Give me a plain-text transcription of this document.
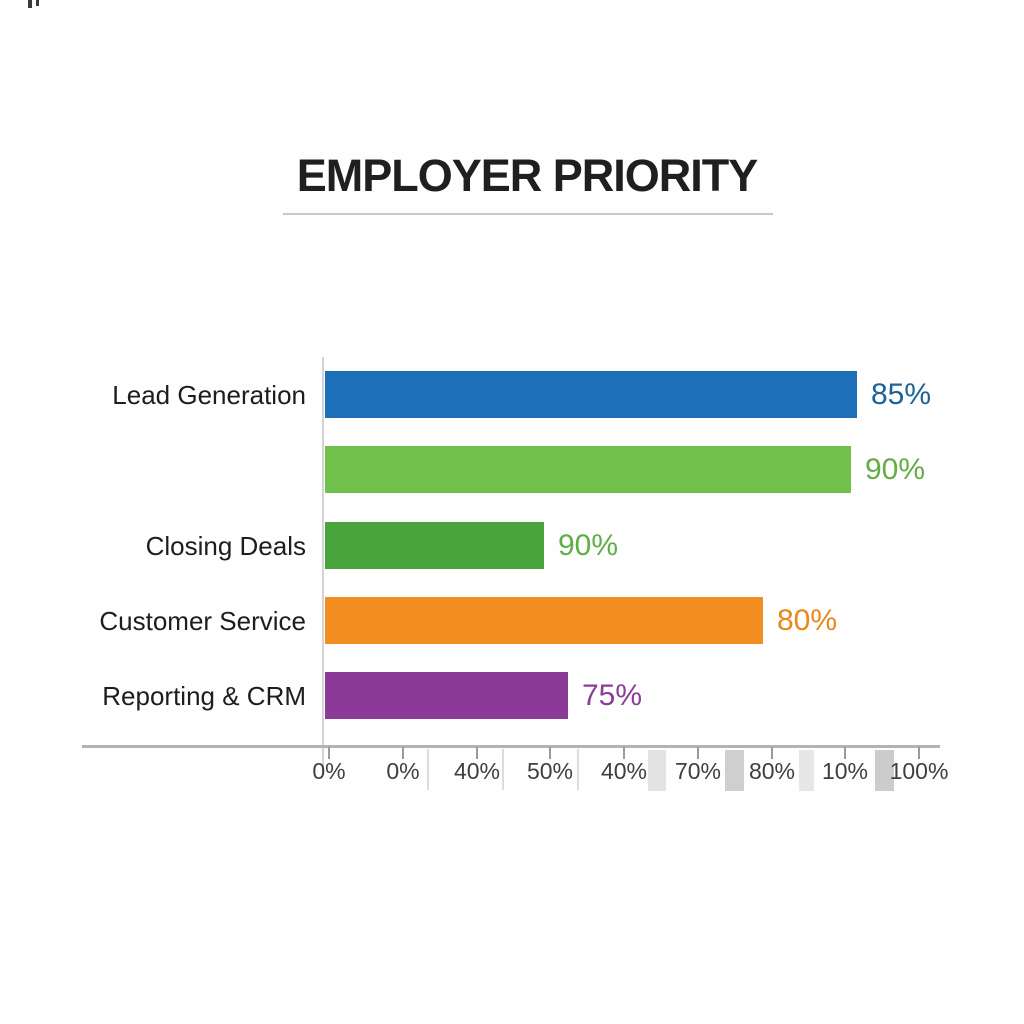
EMPLOYER PRIORITY
Lead Generation	85%
90%
Closing Deals	90%
Customer Service	80%
Reporting & CRM	75%
0% 0% 40% 50% 40% 70% 80% 10% 100%
